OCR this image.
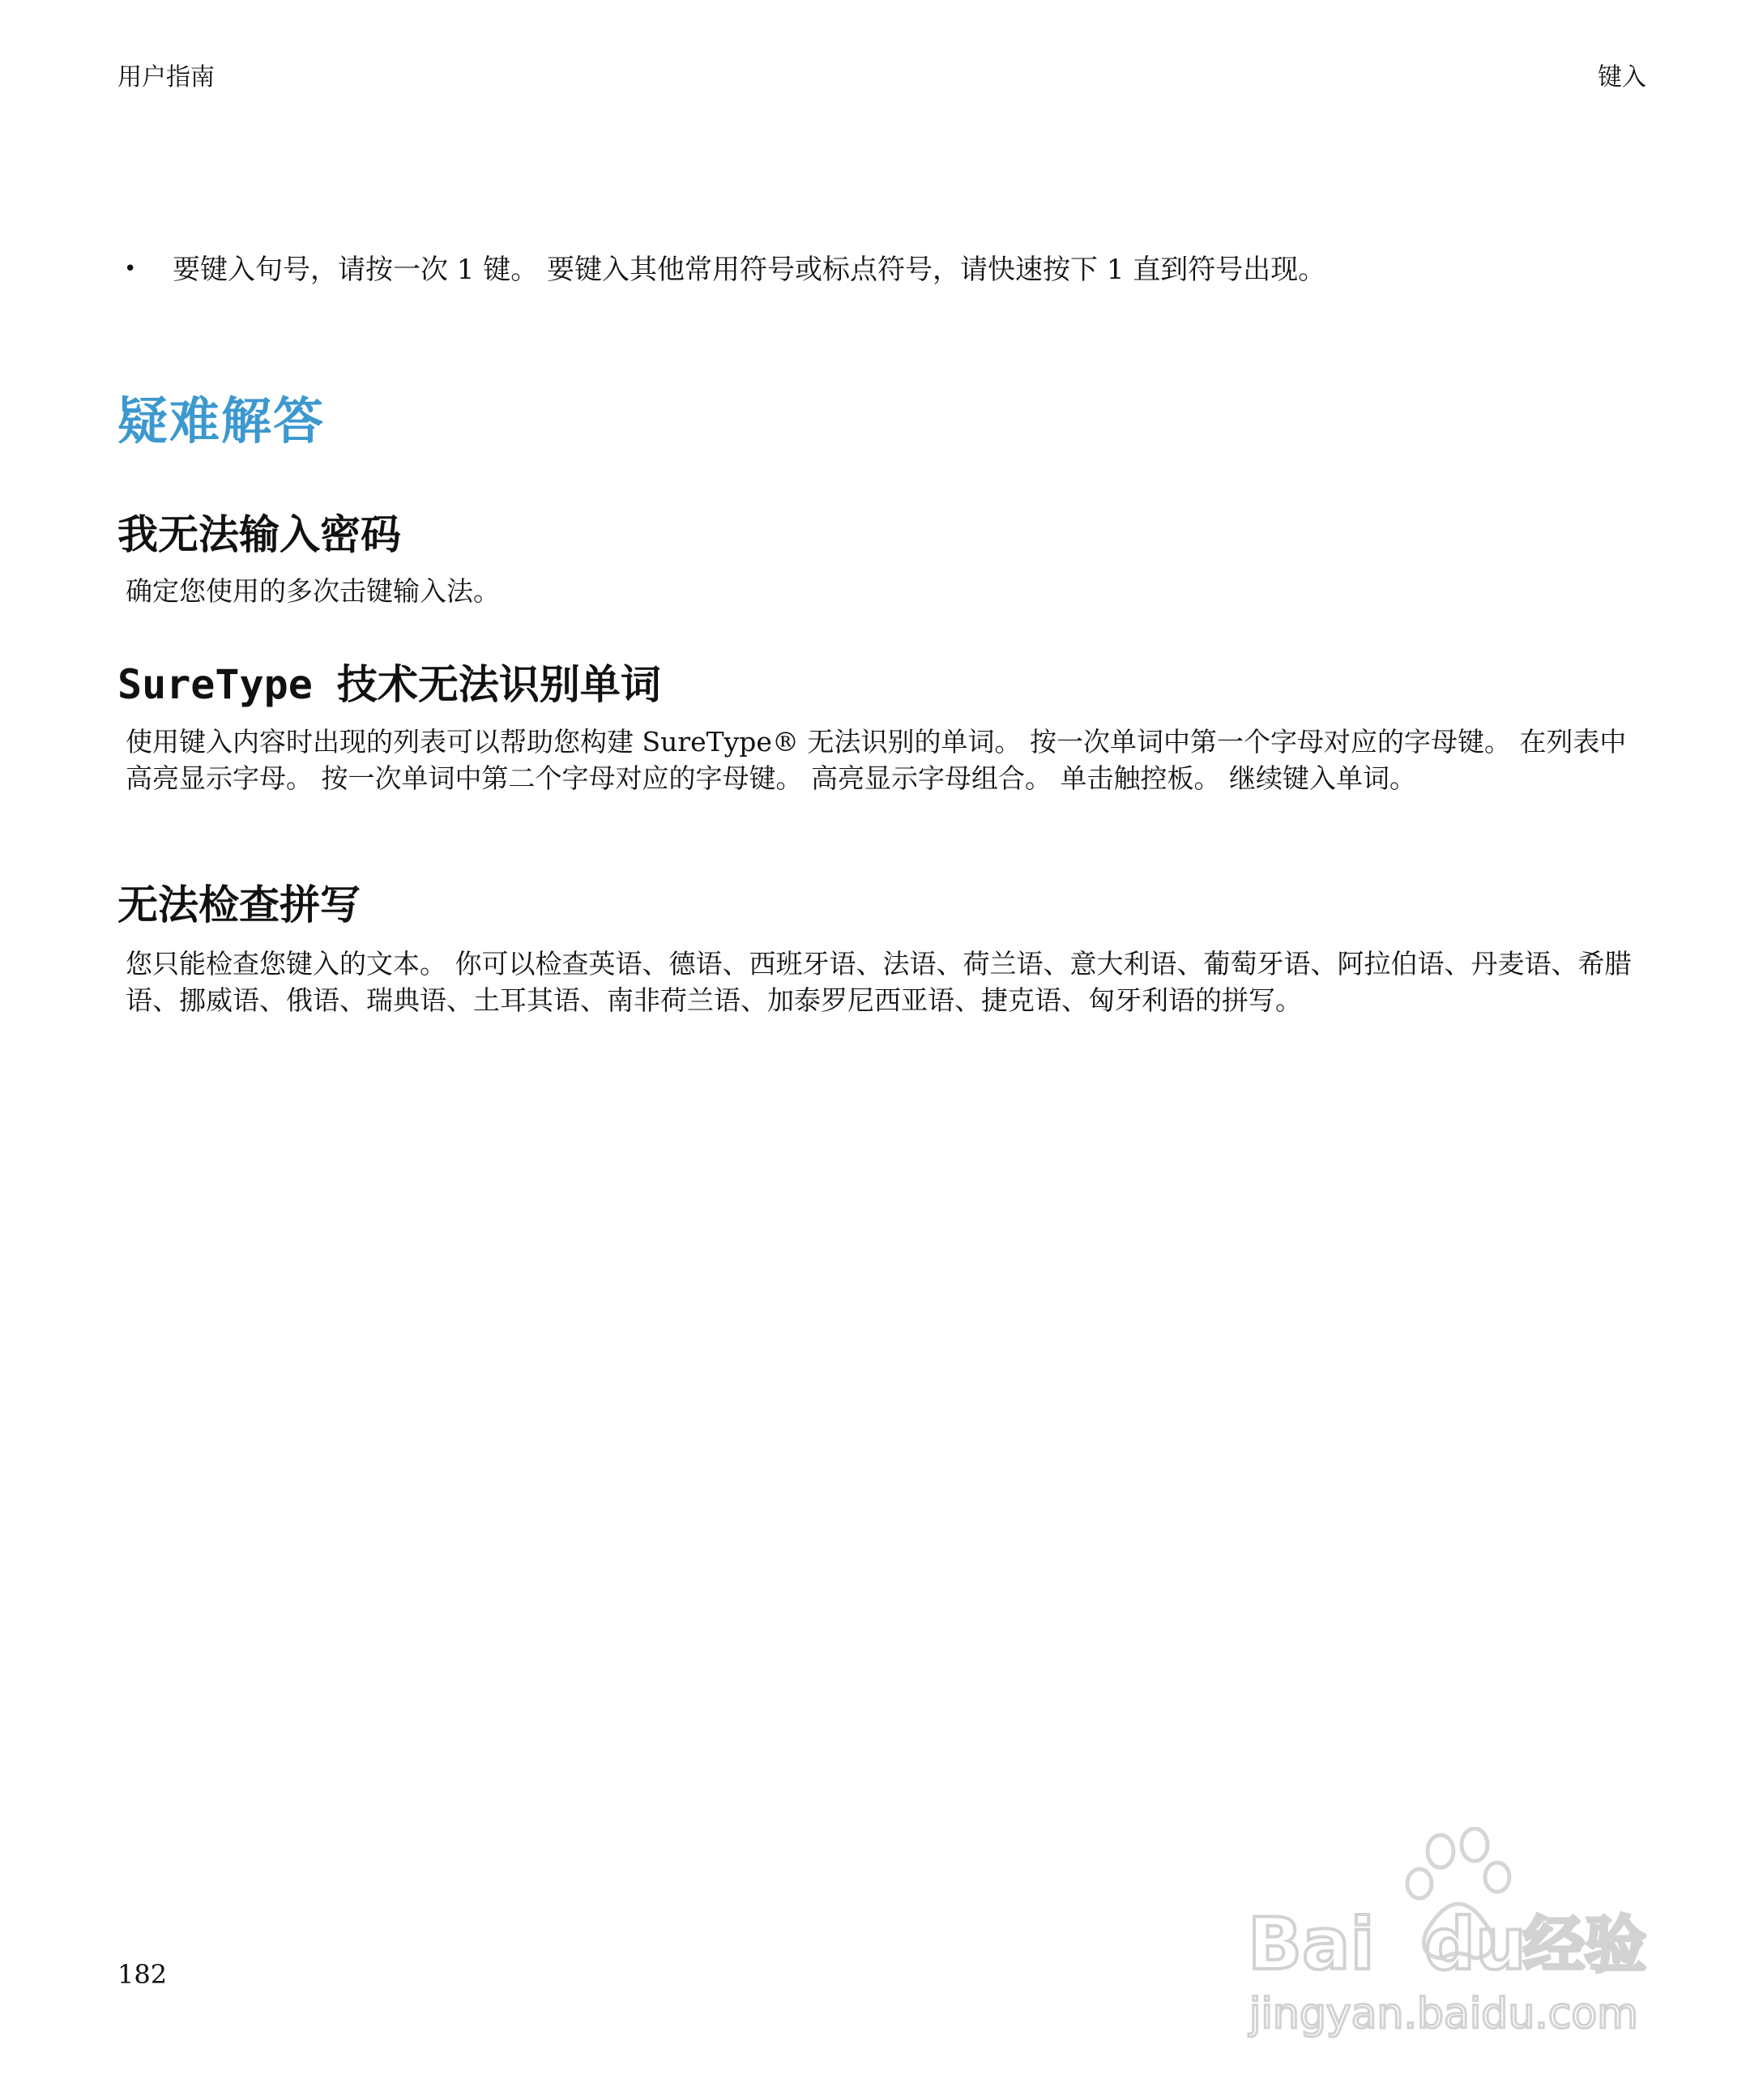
用户指南	键入
• 要键入句号，请按一次 1 键。 要键入其他常用符号或标点符号，请快速按下 1 直到符号出现。
疑难解答
我无法输入密码
确定您使用的多次击键输入法。
SureType 技术无法识别单词
使用键入内容时出现的列表可以帮助您构建 SureType® 无法识别的单词。 按一次单词中第一个字母对应的字母键。 在列表中高亮显示字母。 按一次单词中第二个字母对应的字母键。 高亮显示字母组合。 单击触控板。 继续键入单词。
无法检查拼写
您只能检查您键入的文本。 你可以检查英语、德语、西班牙语、法语、荷兰语、意大利语、葡萄牙语、阿拉伯语、丹麦语、希腊语、挪威语、俄语、瑞典语、土耳其语、南非荷兰语、加泰罗尼西亚语、捷克语、匈牙利语的拼写。
182	Bai du
经验
jingyan.baidu.com
